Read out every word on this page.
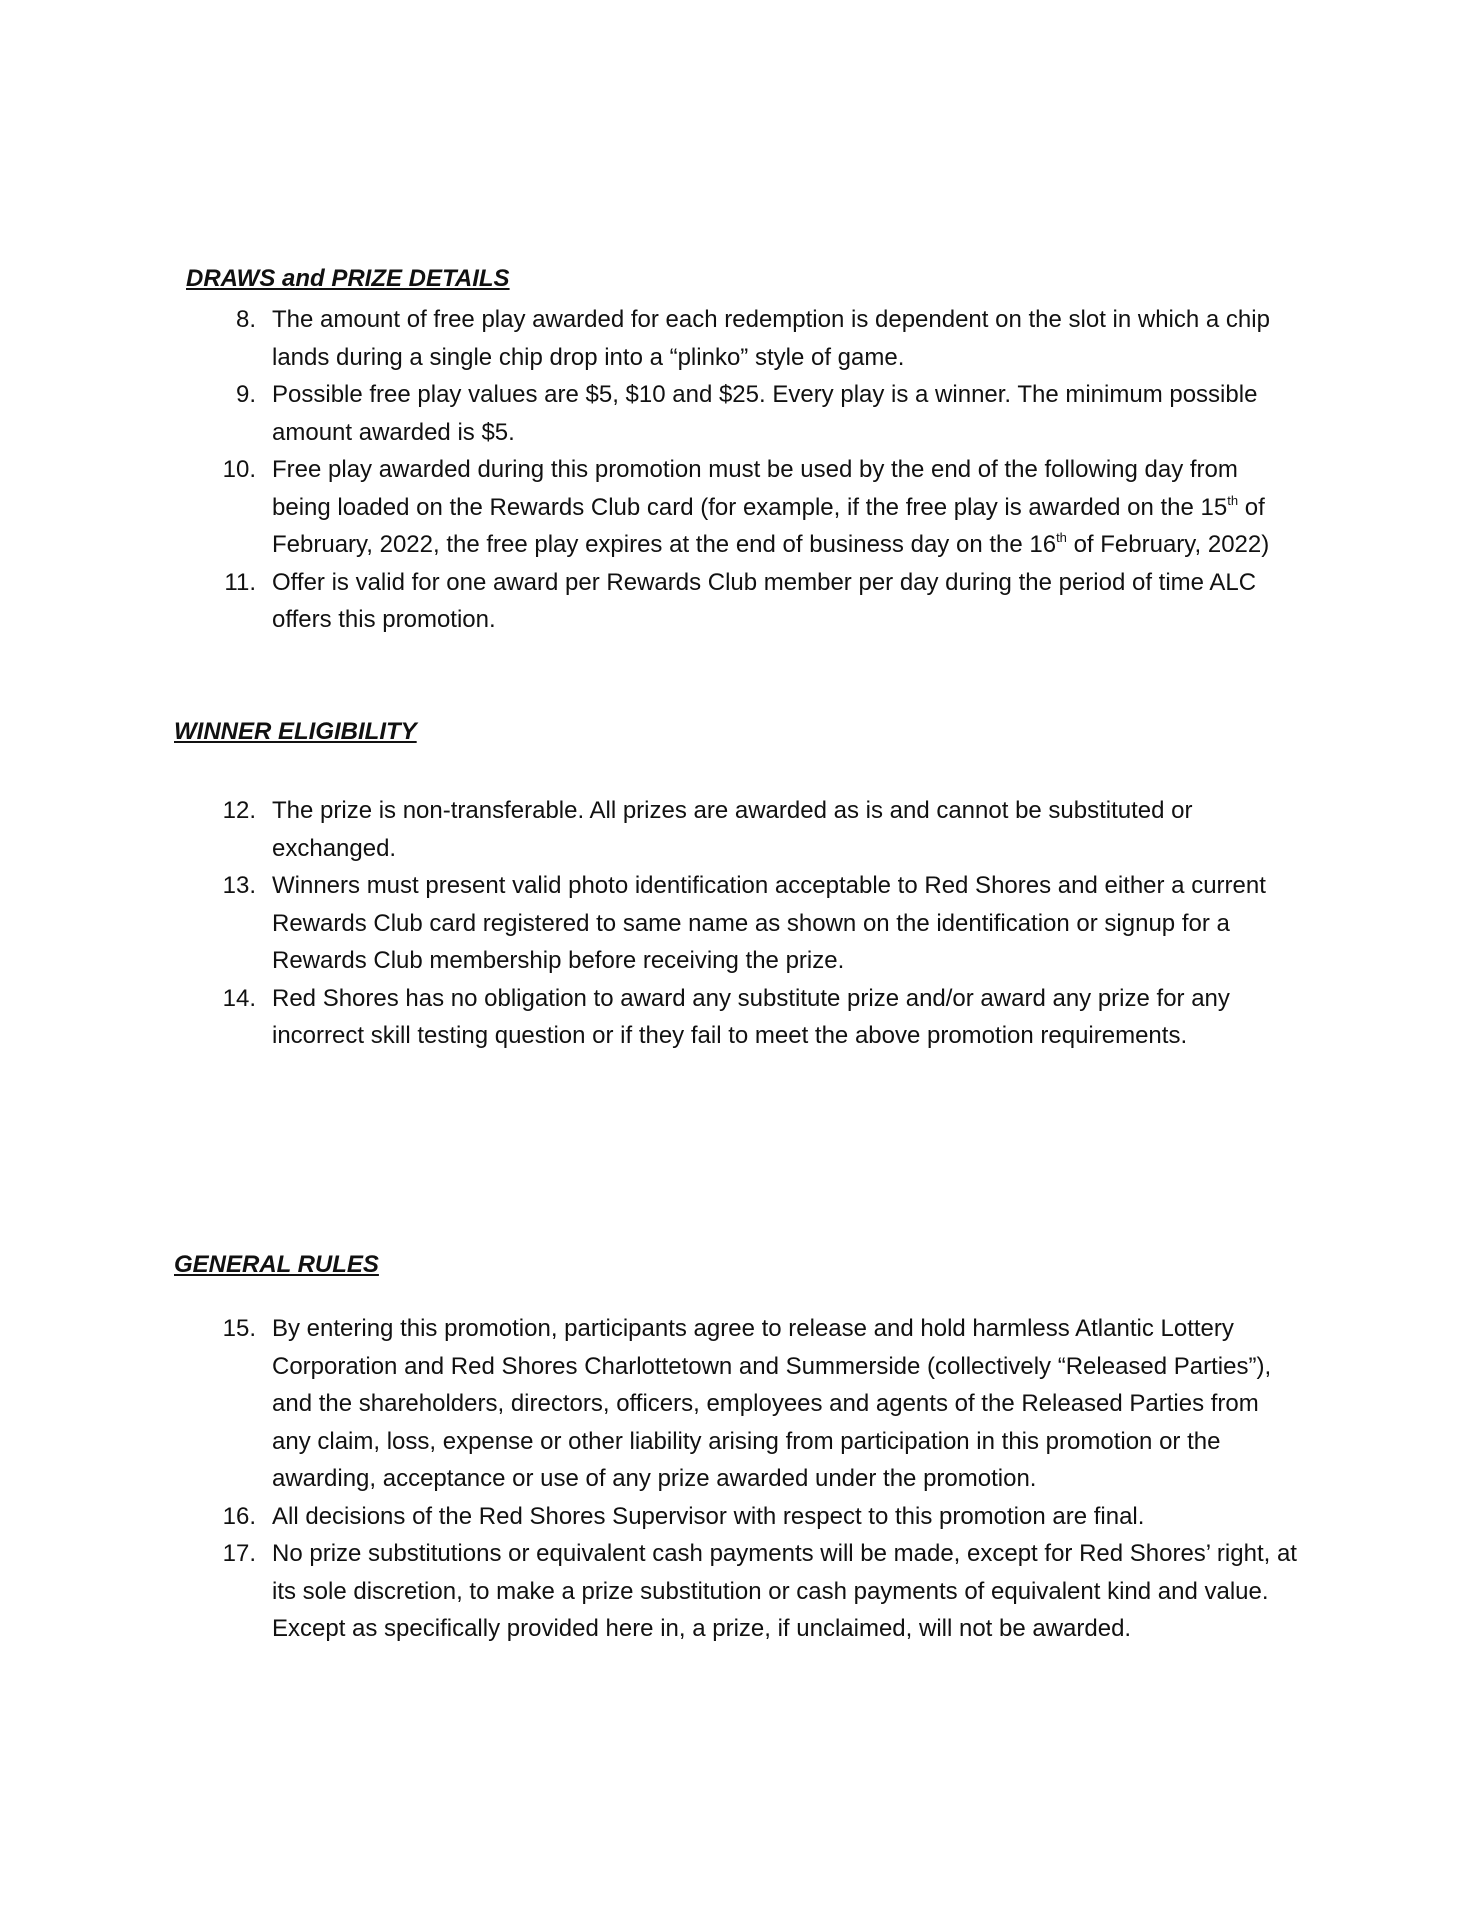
DRAWS and PRIZE DETAILS
8. The amount of free play awarded for each redemption is dependent on the slot in which a chip lands during a single chip drop into a “plinko” style of game.
9. Possible free play values are $5, $10 and $25. Every play is a winner. The minimum possible amount awarded is $5.
10. Free play awarded during this promotion must be used by the end of the following day from being loaded on the Rewards Club card (for example, if the free play is awarded on the 15th of February, 2022, the free play expires at the end of business day on the 16th of February, 2022)
11. Offer is valid for one award per Rewards Club member per day during the period of time ALC offers this promotion.
WINNER ELIGIBILITY
12. The prize is non-transferable. All prizes are awarded as is and cannot be substituted or exchanged.
13. Winners must present valid photo identification acceptable to Red Shores and either a current Rewards Club card registered to same name as shown on the identification or signup for a Rewards Club membership before receiving the prize.
14. Red Shores has no obligation to award any substitute prize and/or award any prize for any incorrect skill testing question or if they fail to meet the above promotion requirements.
GENERAL RULES
15. By entering this promotion, participants agree to release and hold harmless Atlantic Lottery Corporation and Red Shores Charlottetown and Summerside (collectively “Released Parties”), and the shareholders, directors, officers, employees and agents of the Released Parties from any claim, loss, expense or other liability arising from participation in this promotion or the awarding, acceptance or use of any prize awarded under the promotion.
16. All decisions of the Red Shores Supervisor with respect to this promotion are final.
17. No prize substitutions or equivalent cash payments will be made, except for Red Shores’ right, at its sole discretion, to make a prize substitution or cash payments of equivalent kind and value. Except as specifically provided here in, a prize, if unclaimed, will not be awarded.
